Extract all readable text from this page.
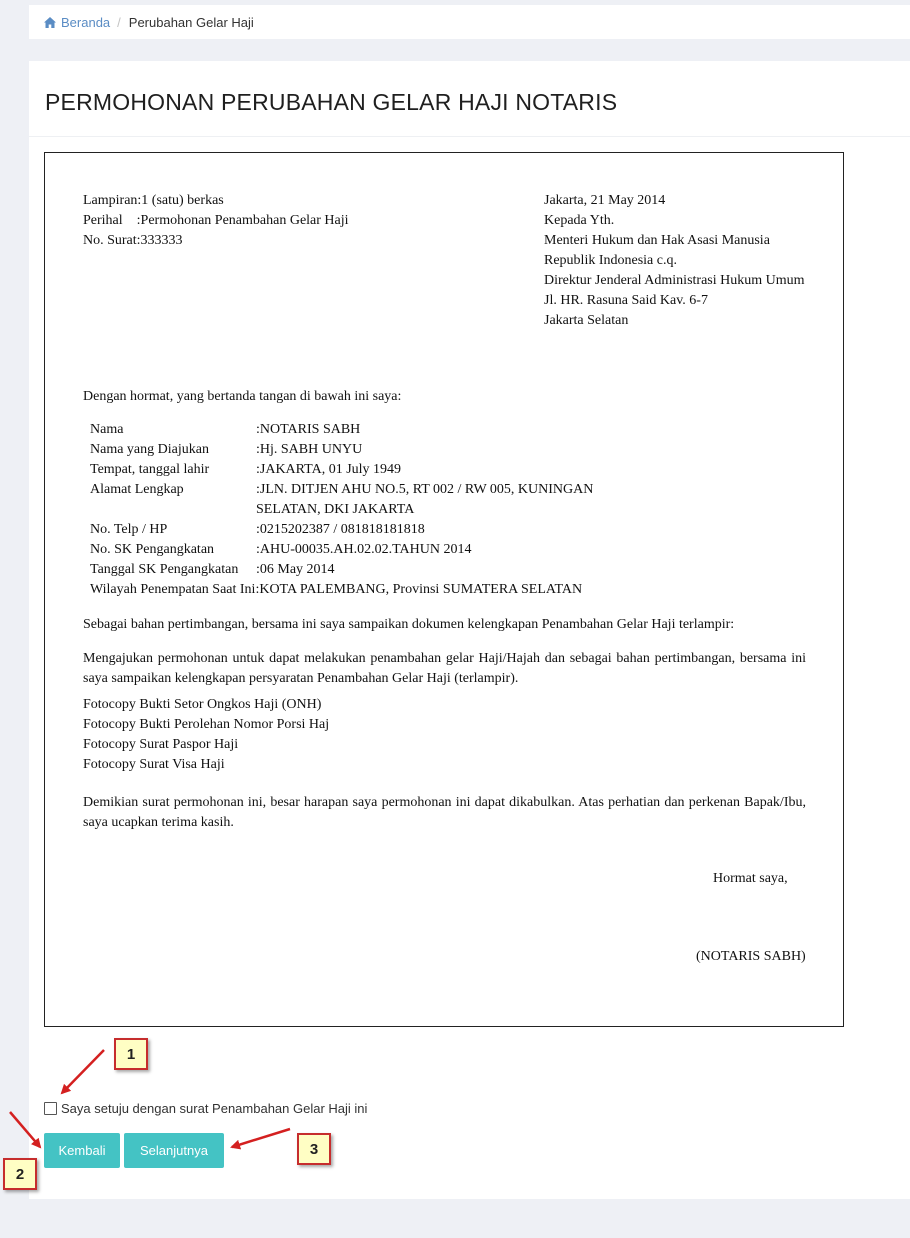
Beranda / Perubahan Gelar Haji
PERMOHONAN PERUBAHAN GELAR HAJI NOTARIS
Lampiran:1 (satu) berkas
Perihal    :Permohonan Penambahan Gelar Haji
No. Surat:333333
Jakarta, 21 May 2014
Kepada Yth.
Menteri Hukum dan Hak Asasi Manusia
Republik Indonesia c.q.
Direktur Jenderal Administrasi Hukum Umum
Jl. HR. Rasuna Said Kav. 6-7
Jakarta Selatan
Dengan hormat, yang bertanda tangan di bawah ini saya:
Nama	:NOTARIS SABH
Nama yang Diajukan	:Hj. SABH UNYU
Tempat, tanggal lahir	:JAKARTA, 01 July 1949
Alamat Lengkap	:JLN. DITJEN AHU NO.5, RT 002 / RW 005, KUNINGAN SELATAN, DKI JAKARTA
No. Telp / HP	:0215202387 / 081818181818
No. SK Pengangkatan	:AHU-00035.AH.02.02.TAHUN 2014
Tanggal SK Pengangkatan	:06 May 2014
Wilayah Penempatan Saat Ini :KOTA PALEMBANG, Provinsi SUMATERA SELATAN
Sebagai bahan pertimbangan, bersama ini saya sampaikan dokumen kelengkapan Penambahan Gelar Haji terlampir:
Mengajukan permohonan untuk dapat melakukan penambahan gelar Haji/Hajah dan sebagai bahan pertimbangan, bersama ini saya sampaikan kelengkapan persyaratan Penambahan Gelar Haji (terlampir).
Fotocopy Bukti Setor Ongkos Haji (ONH)
Fotocopy Bukti Perolehan Nomor Porsi Haj
Fotocopy Surat Paspor Haji
Fotocopy Surat Visa Haji
Demikian surat permohonan ini, besar harapan saya permohonan ini dapat dikabulkan. Atas perhatian dan perkenan Bapak/Ibu, saya ucapkan terima kasih.
Hormat saya,
(NOTARIS SABH)
Saya setuju dengan surat Penambahan Gelar Haji ini
Kembali	Selanjutnya
1
2
3
